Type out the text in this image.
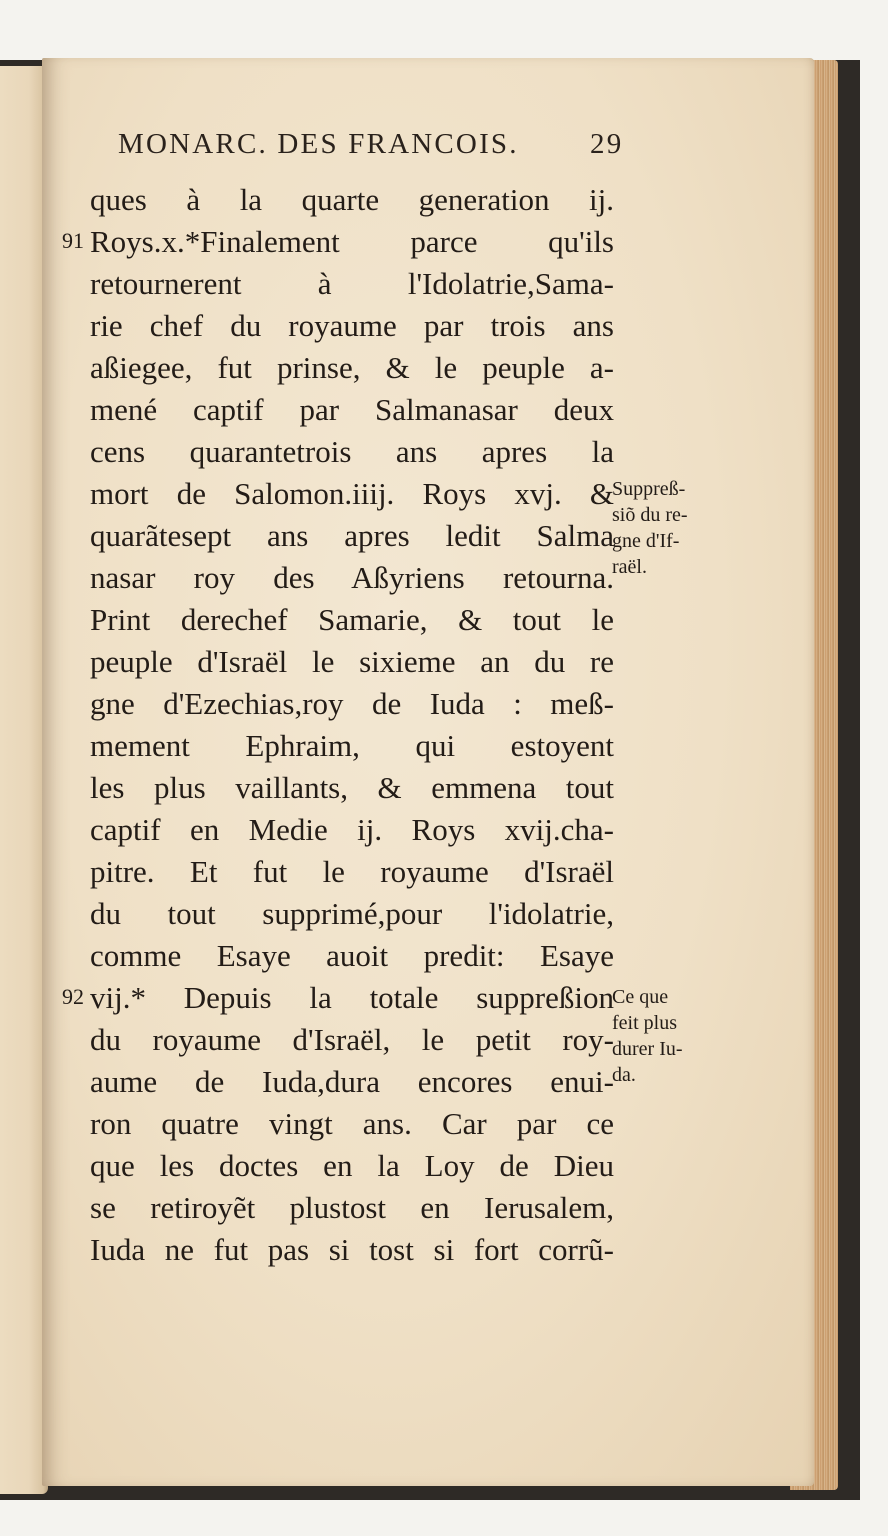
MONARC. DES FRANCOIS. 29
ques à la quarte generation ij.
Roys.x.*Finalement parce qu'ils
retournerent à l'Idolatrie,Sama-
rie chef du royaume par trois ans
aßiegee, fut prinse, & le peuple a-
mené captif par Salmanasar deux
cens quarantetrois ans apres la
mort de Salomon.iiij. Roys xvj. &
quarãtesept ans apres ledit Salma
nasar roy des Aßyriens retourna.
Print derechef Samarie, & tout le
peuple d'Israël le sixieme an du re
gne d'Ezechias,roy de Iuda : meß-
mement Ephraim, qui estoyent
les plus vaillants, & emmena tout
captif en Medie ij. Roys xvij.cha-
pitre. Et fut le royaume d'Israël
du tout supprimé,pour l'idolatrie,
comme Esaye auoit predit: Esaye
vij.* Depuis la totale suppreßion
du royaume d'Israël, le petit roy-
aume de Iuda,dura encores enui-
ron quatre vingt ans. Car par ce
que les doctes en la Loy de Dieu
se retiroyẽt plustost en Ierusalem,
Iuda ne fut pas si tost si fort corrũ-
91
92
Suppreß-
siõ du re-
gne d'If-
raël.
Ce que
feit plus
durer Iu-
da.
